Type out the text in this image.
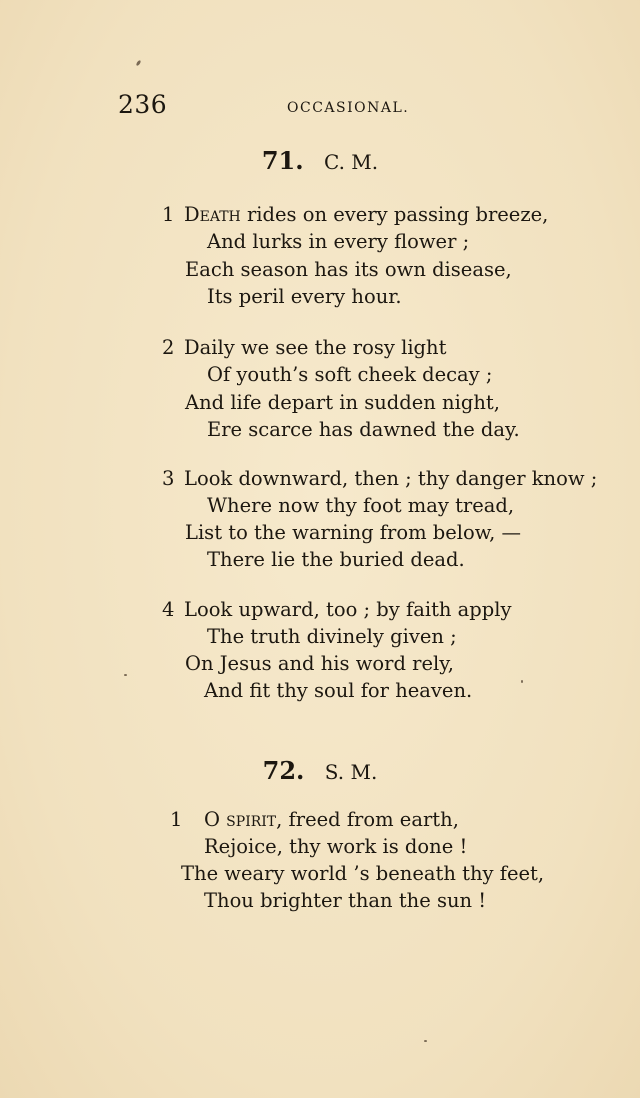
236	OCCASIONAL.
71. C. M.
1 Death rides on every passing breeze,
And lurks in every flower ;
Each season has its own disease,
Its peril every hour.
2 Daily we see the rosy light
Of youth’s soft cheek decay ;
And life depart in sudden night,
Ere scarce has dawned the day.
3 Look downward, then ; thy danger know ;
Where now thy foot may tread,
List to the warning from below, —
There lie the buried dead.
4 Look upward, too ; by faith apply
The truth divinely given ;
On Jesus and his word rely,
And fit thy soul for heaven.
72. S. M.
1 O spirit, freed from earth,
Rejoice, thy work is done !
The weary world ’s beneath thy feet,
Thou brighter than the sun !
